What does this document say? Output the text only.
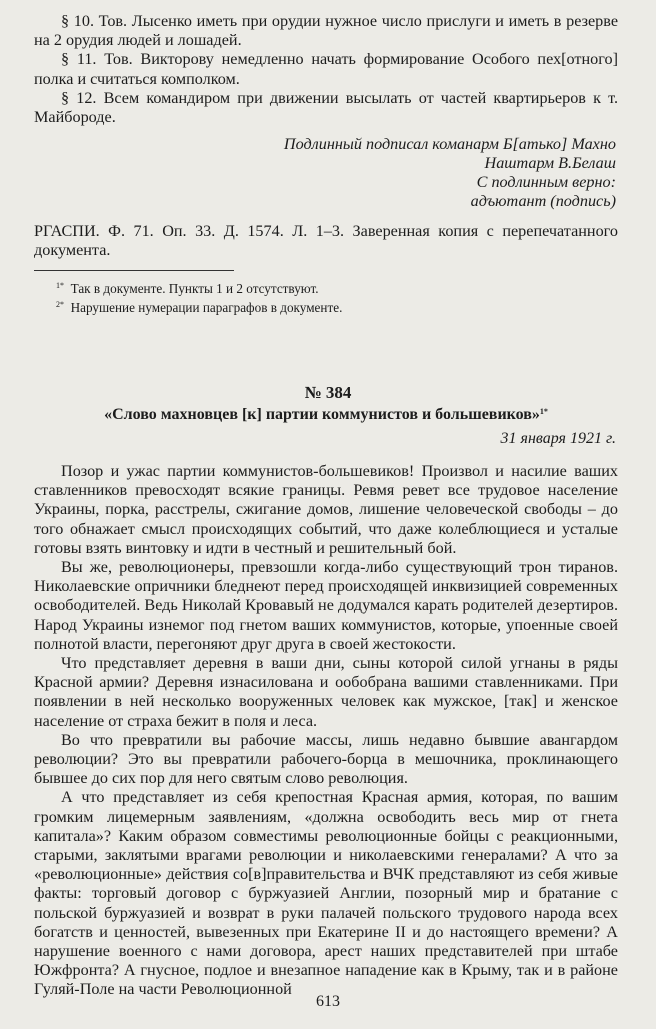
§ 10. Тов. Лысенко иметь при орудии нужное число прислуги и иметь в резерве на 2 орудия людей и лошадей.

§ 11. Тов. Викторову немедленно начать формирование Особого пех[отного] полка и считаться комполком.

§ 12. Всем командиром при движении высылать от частей квартирьеров к т. Майбороде.

Подлинный подписал команарм Б[атько] Махно

Наштарм В.Белаш

С подлинным верно:

адъютант (подпись)

РГАСПИ. Ф. 71. Оп. 33. Д. 1574. Л. 1–3. Заверенная копия с перепечатанного документа.

$^{1*}$ Так в документе. Пункты 1 и 2 отсутствуют.

$^{2*}$ Нарушение нумерации параграфов в документе.

№ 384
«Слово махновцев [к] партии коммунистов и большевиков»$^{1*}$
31 января 1921 г.

Позор и ужас партии коммунистов-большевиков! Произвол и насилие ваших ставленников превосходят всякие границы. Ревмя ревет все трудовое население Украины, порка, расстрелы, сжигание домов, лишение человеческой свободы – до того обнажает смысл происходящих событий, что даже колеблющиеся и усталые готовы взять винтовку и идти в честный и решительный бой.

Вы же, революционеры, превзошли когда-либо существующий трон тиранов. Николаевские опричники бледнеют перед происходящей инквизицией современных освободителей. Ведь Николай Кровавый не додумался карать родителей дезертиров. Народ Украины изнемог под гнетом ваших коммунистов, которые, упоенные своей полнотой власти, перегоняют друг друга в своей жестокости.

Что представляет деревня в ваши дни, сыны которой силой угнаны в ряды Красной армии? Деревня изнасилована и ообобрана вашими ставленниками. При появлении в ней несколько вооруженных человек как мужское, [так] и женское население от страха бежит в поля и леса.

Во что превратили вы рабочие массы, лишь недавно бывшие авангардом революции? Это вы превратили рабочего-борца в мешочника, проклинающего бывшее до сих пор для него святым слово революция.

А что представляет из себя крепостная Красная армия, которая, по вашим громким лицемерным заявлениям, «должна освободить весь мир от гнета капитала»? Каким образом совместимы революционные бойцы с реакционными, старыми, заклятыми врагами революции и николаевскими генералами? А что за «революционные» действия со[в]правительства и ВЧК представляют из себя живые факты: торговый договор с буржуазией Англии, позорный мир и братание с польской буржуазией и возврат в руки палачей польского трудового народа всех богатств и ценностей, вывезенных при Екатерине II и до настоящего времени? А нарушение военного с нами договора, арест наших представителей при штабе Южфронта? А гнусное, подлое и внезапное нападение как в Крыму, так и в районе Гуляй-Поле на части Революционной

613
